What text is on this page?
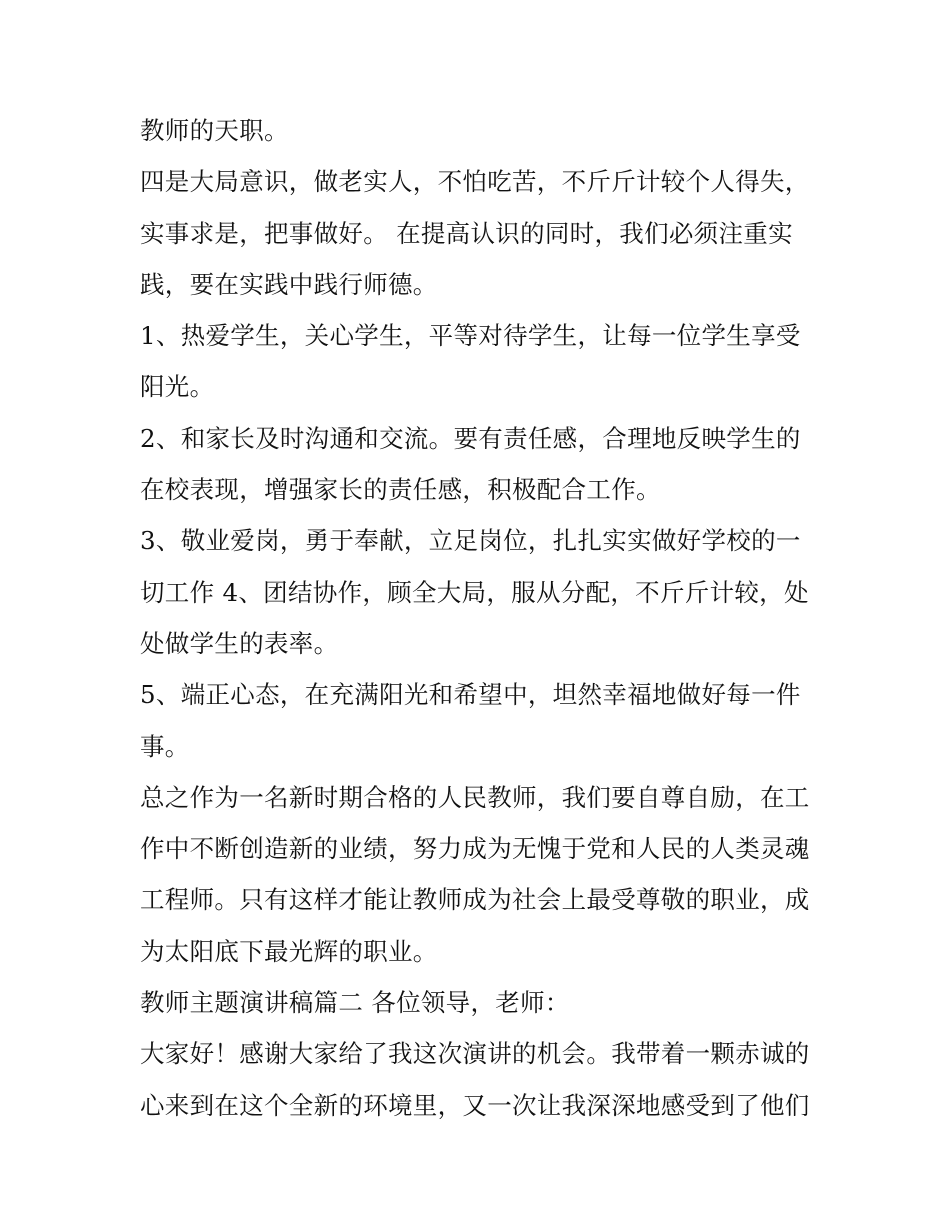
教师的天职。
四是大局意识，做老实人，不怕吃苦，不斤斤计较个人得失，
实事求是，把事做好。 在提高认识的同时，我们必须注重实
践，要在实践中践行师德。
1、热爱学生，关心学生，平等对待学生，让每一位学生享受
阳光。
2、和家长及时沟通和交流。要有责任感，合理地反映学生的
在校表现，增强家长的责任感，积极配合工作。
3、敬业爱岗，勇于奉献，立足岗位，扎扎实实做好学校的一
切工作 4、团结协作，顾全大局，服从分配，不斤斤计较，处
处做学生的表率。
5、端正心态，在充满阳光和希望中，坦然幸福地做好每一件
事。
总之作为一名新时期合格的人民教师，我们要自尊自励，在工
作中不断创造新的业绩，努力成为无愧于党和人民的人类灵魂
工程师。只有这样才能让教师成为社会上最受尊敬的职业，成
为太阳底下最光辉的职业。
教师主题演讲稿篇二 各位领导，老师：
大家好！感谢大家给了我这次演讲的机会。我带着一颗赤诚的
心来到在这个全新的环境里，又一次让我深深地感受到了他们
